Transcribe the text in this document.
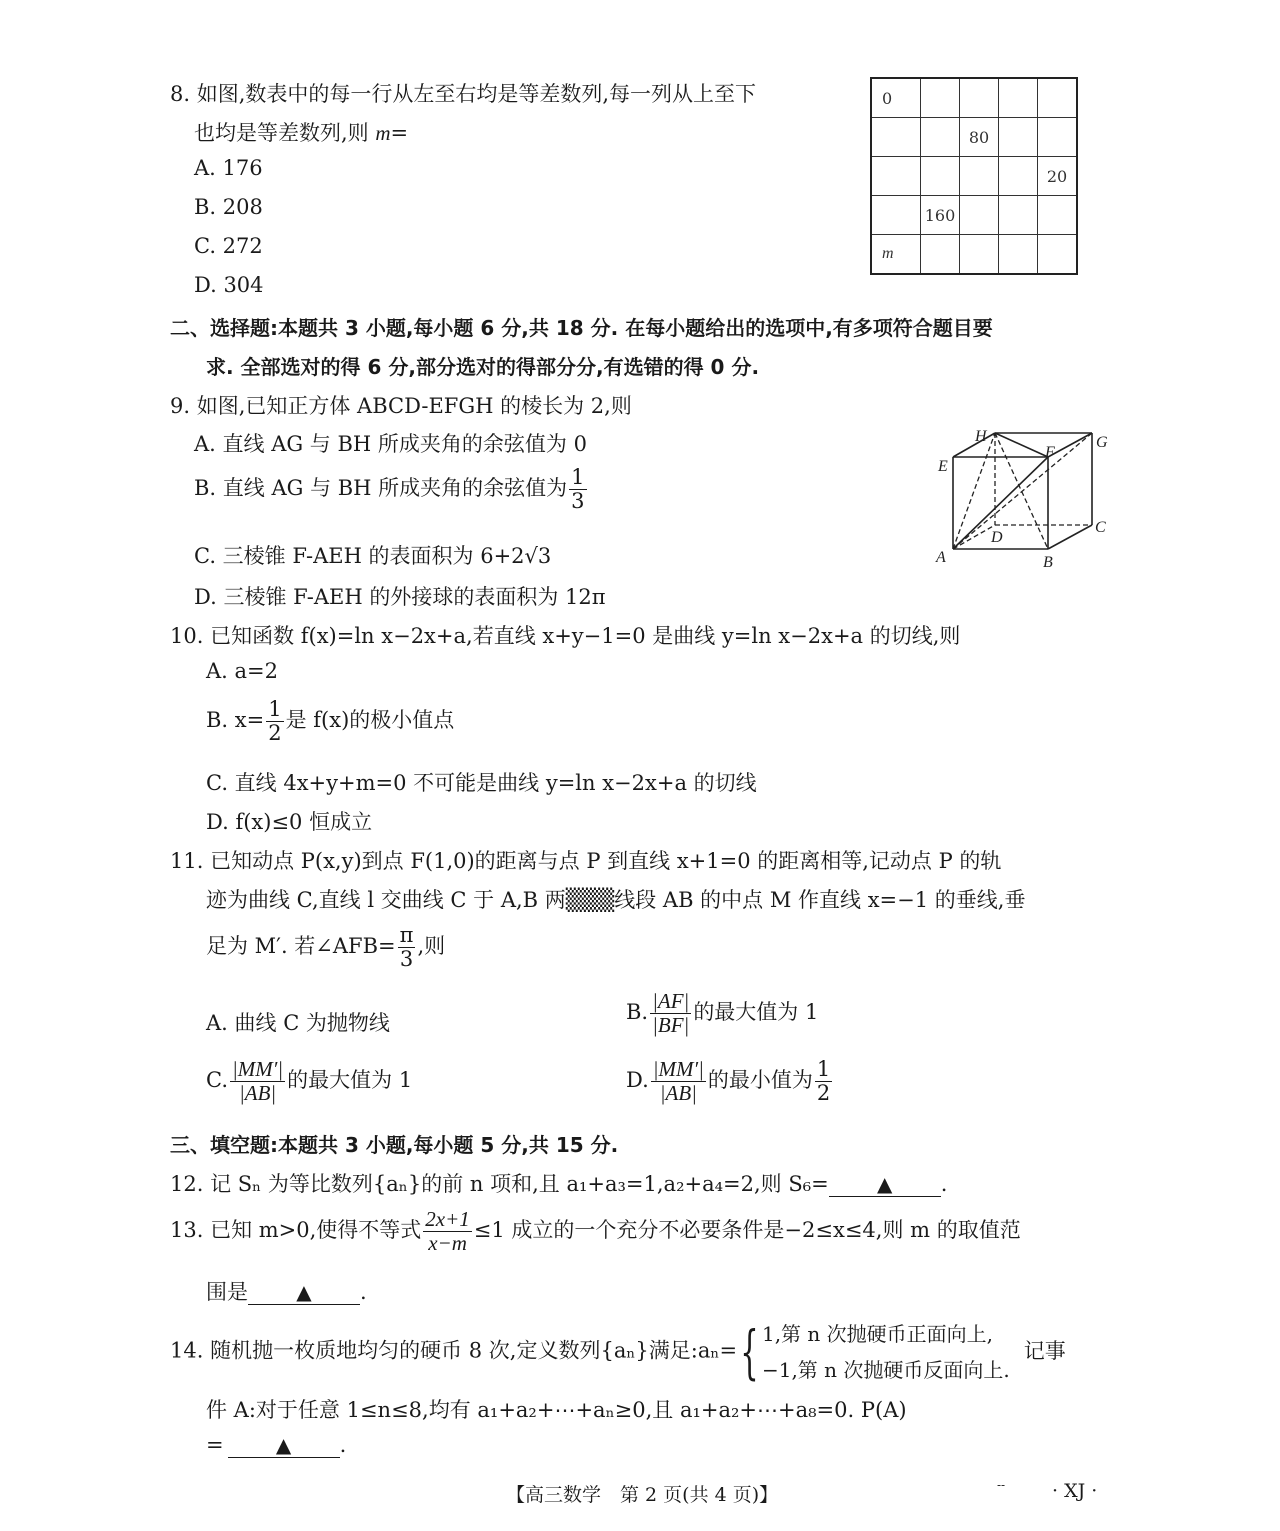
8. 如图,数表中的每一行从左至右均是等差数列,每一列从上至下
也均是等差数列,则 m=
A. 176
B. 208
C. 272
D. 304
0				
		80		
				20
	160			
m				
二、选择题:本题共 3 小题,每小题 6 分,共 18 分. 在每小题给出的选项中,有多项符合题目要
求. 全部选对的得 6 分,部分选对的得部分分,有选错的得 0 分.
9. 如图,已知正方体 ABCD-EFGH 的棱长为 2,则
A. 直线 AG 与 BH 所成夹角的余弦值为 0
B. 直线 AG 与 BH 所成夹角的余弦值为 $\frac{1}{3}$
C. 三棱锥 F-AEH 的表面积为 6+2√3
D. 三棱锥 F-AEH 的外接球的表面积为 12π
A	B
C
D
E
F
G
H
10. 已知函数 f(x)=ln x−2x+a,若直线 x+y−1=0 是曲线 y=ln x−2x+a 的切线,则
A. a=2
B. $x= \frac{1}{2}$ 是 f(x)的极小值点
C. 直线 4x+y+m=0 不可能是曲线 y=ln x−2x+a 的切线
D. f(x)≤0 恒成立
11. 已知动点 P(x,y)到点 F(1,0)的距离与点 P 到直线 x+1=0 的距离相等,记动点 P 的轨
迹为曲线 C,直线 l 交曲线 C 于 A,B 两▒▒▒线段 AB 的中点 M 作直线 x=−1 的垂线,垂
足为 M′. 若∠AFB= $\frac{\pi}{3}$ ,则
A. 曲线 C 为抛物线	B. $\frac{|AF|}{|BF|}$ 的最大值为 1
C. $\frac{|MM'|}{|AB|}$ 的最大值为 1	D. $\frac{|MM'|}{|AB|}$ 的最小值为 $\frac{1}{2}$
三、填空题:本题共 3 小题,每小题 5 分,共 15 分.
12. 记 Sₙ 为等比数列{aₙ}的前 n 项和,且 a₁+a₃=1,a₂+a₄=2,则 S₆= ▲ .
13. 已知 m>0,使得不等式 $\frac{2x+1}{x-m} \le 1$ 成立的一个充分不必要条件是−2≤x≤4,则 m 的取值范
围是 ▲ .
14. 随机抛一枚质地均匀的硬币 8 次,定义数列{aₙ}满足:aₙ={ 1,第 n 次抛硬币正面向上,
−1,第 n 次抛硬币反面向上.
记事
件 A:对于任意 1≤n≤8,均有 a₁+a₂+⋯+aₙ≥0,且 a₁+a₂+⋯+a₈=0. P(A)
=	▲ .
【高三数学　第 2 页(共 4 页)】	-- · XJ ·
